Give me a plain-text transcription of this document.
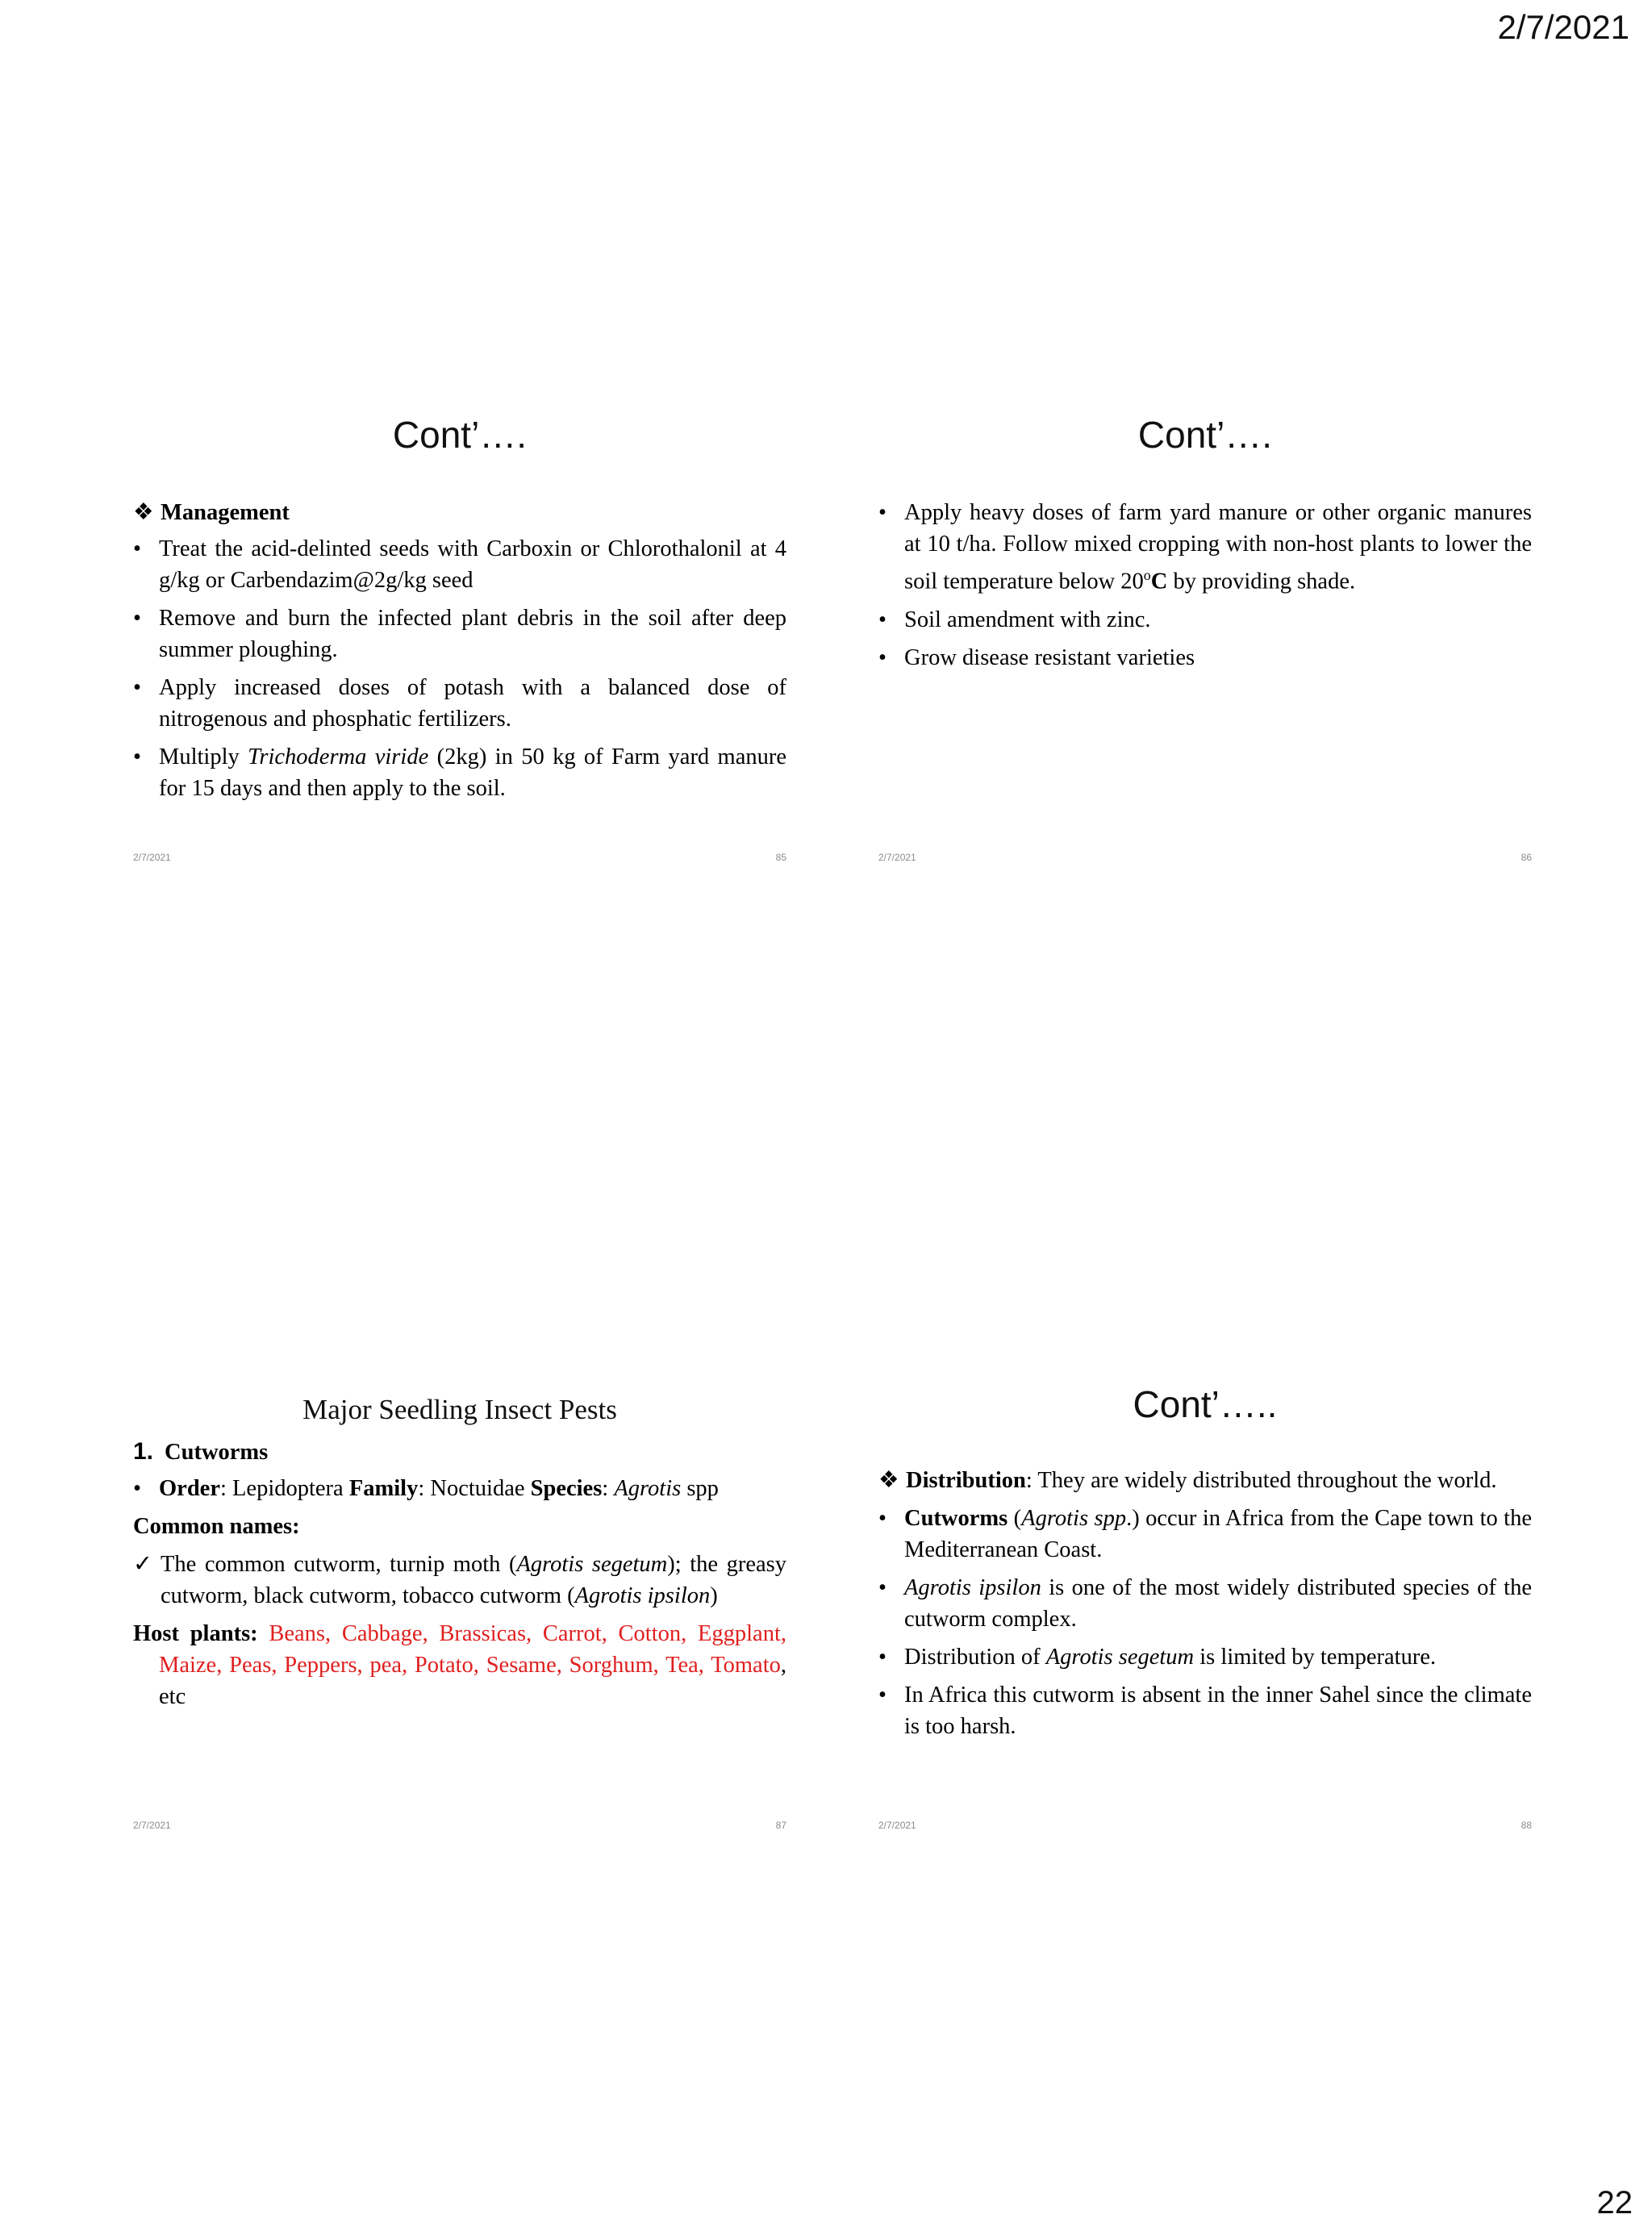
2/7/2021
Cont’….
❖ Management
• Treat the acid-delinted seeds with Carboxin or Chlorothalonil at 4 g/kg or Carbendazim@2g/kg seed
• Remove and burn the infected plant debris in the soil after deep summer ploughing.
• Apply increased doses of potash with a balanced dose of nitrogenous and phosphatic fertilizers.
• Multiply Trichoderma viride (2kg) in 50 kg of Farm yard manure for 15 days and then apply to the soil.
2/7/2021	85
Cont’….
• Apply heavy doses of farm yard manure or other organic manures at 10 t/ha. Follow mixed cropping with non-host plants to lower the soil temperature below 20$^o$C by providing shade.
• Soil amendment with zinc.
• Grow disease resistant varieties
2/7/2021	86
Major Seedling Insect Pests
1. Cutworms
• Order: Lepidoptera Family: Noctuidae Species: Agrotis spp
Common names:
✓ The common cutworm, turnip moth (Agrotis segetum); the greasy cutworm, black cutworm, tobacco cutworm (Agrotis ipsilon)
Host plants: Beans, Cabbage, Brassicas, Carrot, Cotton, Eggplant, Maize, Peas, Peppers, pea, Potato, Sesame, Sorghum, Tea, Tomato, etc
2/7/2021	87
Cont’…..
❖ Distribution: They are widely distributed throughout the world.
• Cutworms (Agrotis spp.) occur in Africa from the Cape town to the Mediterranean Coast.
• Agrotis ipsilon is one of the most widely distributed species of the cutworm complex.
• Distribution of Agrotis segetum is limited by temperature.
• In Africa this cutworm is absent in the inner Sahel since the climate is too harsh.
2/7/2021	88
22
